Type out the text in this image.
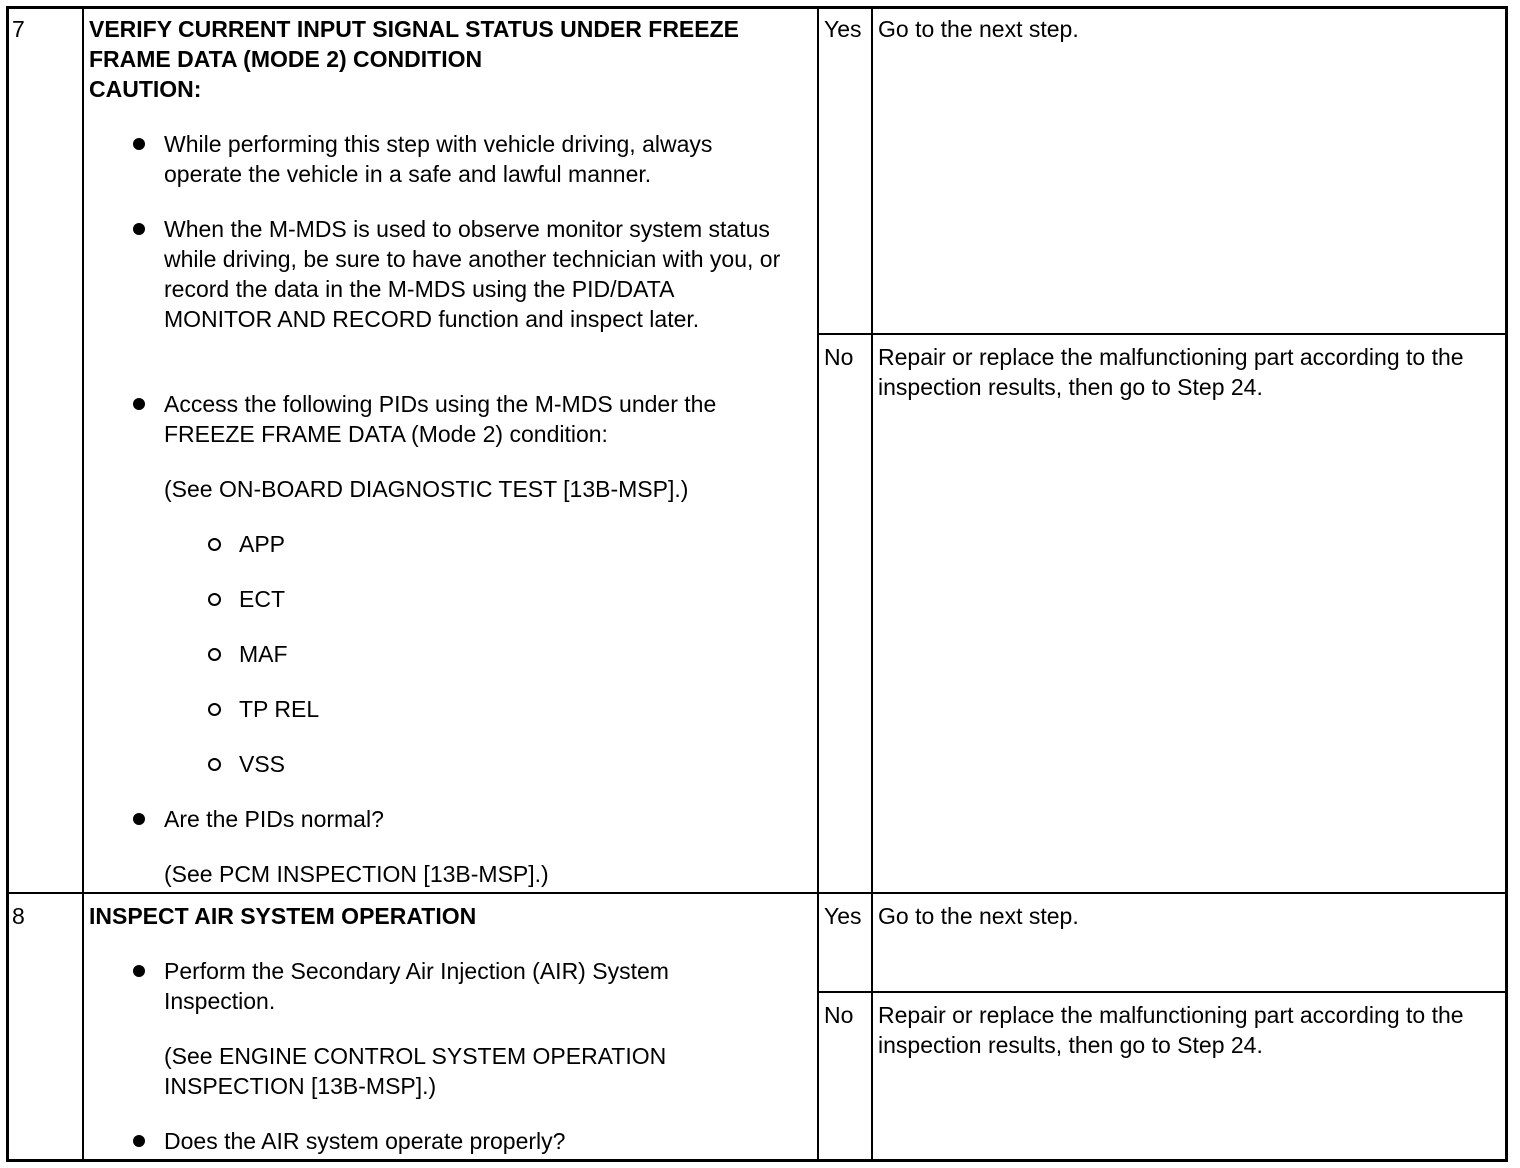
7	VERIFY CURRENT INPUT SIGNAL STATUS UNDER FREEZE FRAME DATA (MODE 2) CONDITION
CAUTION:
While performing this step with vehicle driving, always operate the vehicle in a safe and lawful manner.
When the M-MDS is used to observe monitor system status while driving, be sure to have another technician with you, or record the data in the M-MDS using the PID/DATA MONITOR AND RECORD function and inspect later.
Access the following PIDs using the M-MDS under the FREEZE FRAME DATA (Mode 2) condition:
(See ON-BOARD DIAGNOSTIC TEST [13B-MSP].)
APP
ECT
MAF
TP REL
VSS
Are the PIDs normal?
(See PCM INSPECTION [13B-MSP].)
Yes Go to the next step.
No Repair or replace the malfunctioning part according to the inspection results, then go to Step 24.
8	INSPECT AIR SYSTEM OPERATION
Perform the Secondary Air Injection (AIR) System Inspection.
(See ENGINE CONTROL SYSTEM OPERATION INSPECTION [13B-MSP].)
Does the AIR system operate properly?
Yes Go to the next step.
No Repair or replace the malfunctioning part according to the inspection results, then go to Step 24.
